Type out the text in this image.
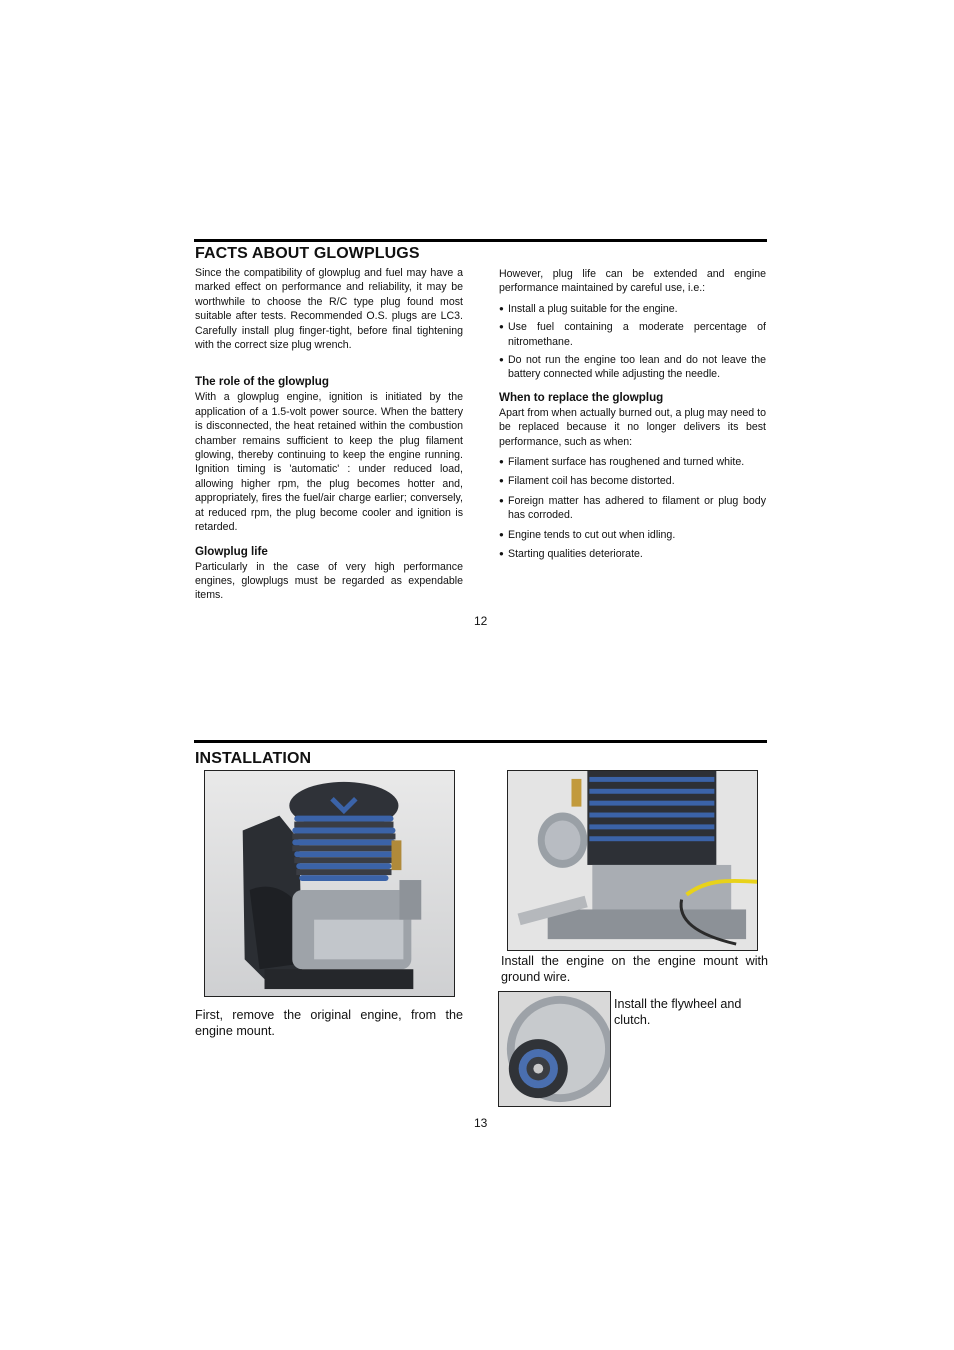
FACTS ABOUT GLOWPLUGS

Since the compatibility of glowplug and fuel may have a marked effect on performance and reliability, it may be worthwhile to choose the R/C type plug found most suitable after tests. Recommended O.S. plugs are LC3. Carefully install plug finger-tight, before final tightening with the correct size plug wrench.

The role of the glowplug

With a glowplug engine, ignition is initiated by the application of a 1.5-volt power source. When the battery is disconnected, the heat retained within the combustion chamber remains sufficient to keep the plug filament glowing, thereby continuing to keep the engine running. Ignition timing is 'automatic' : under reduced load, allowing higher rpm, the plug becomes hotter and, appropriately, fires the fuel/air charge earlier; conversely, at reduced rpm, the plug become cooler and ignition is retarded.

Glowplug life

Particularly in the case of very high performance engines, glowplugs must be regarded as expendable items.

However, plug life can be extended and engine performance maintained by careful use, i.e.:

● Install a plug suitable for the engine.

● Use fuel containing a moderate percentage of nitromethane.

● Do not run the engine too lean and do not leave the battery connected while adjusting the needle.

When to replace the glowplug

Apart from when actually burned out, a plug may need to be replaced because it no longer delivers its best performance, such as when:

● Filament surface has roughened and turned white.

● Filament coil has become distorted.

● Foreign matter has adhered to filament or plug body has corroded.

● Engine tends to cut out when idling.

● Starting qualities deteriorate.

12
INSTALLATION
First, remove the original engine, from the engine mount.
Install the engine on the engine mount with ground wire.
Install the flywheel and clutch.
13
